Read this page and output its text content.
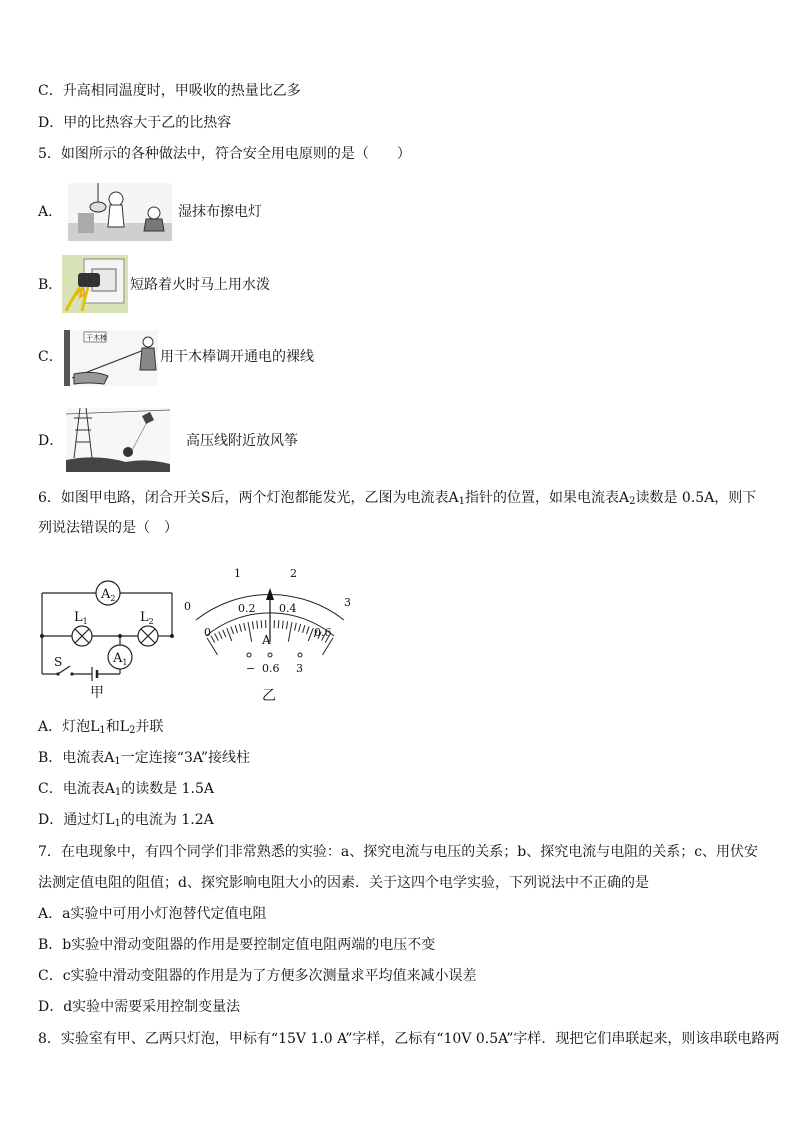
C．升高相同温度时，甲吸收的热量比乙多
D．甲的比热容大于乙的比热容
5．如图所示的各种做法中，符合安全用电原则的是（　　）
A．	湿抹布擦电灯
B．	短路着火时马上用水泼
C．
干木棒
用干木棒调开通电的裸线
D．	高压线附近放风筝
6．如图甲电路，闭合开关S后，两个灯泡都能发光，乙图为电流表$A_1$指针的位置，如果电流表$A_2$读数是 0.5A，则下
列说法错误的是（　）
$A_2$
$A_1$
$L_1$	$L_2$
S
甲
0
1	2
3
0
0.2 0.4
0.6
A
− 0.6 3
乙
A．灯泡$L_1$和$L_2$并联
B．电流表$A_1$一定连接“3A”接线柱
C．电流表$A_1$的读数是 1.5A
D．通过灯$L_1$的电流为 1.2A
7．在电现象中，有四个同学们非常熟悉的实验：a、探究电流与电压的关系；b、探究电流与电阻的关系；c、用伏安
法测定值电阻的阻值；d、探究影响电阻大小的因素．关于这四个电学实验，下列说法中不正确的是
A．a实验中可用小灯泡替代定值电阻
B．b实验中滑动变阻器的作用是要控制定值电阻两端的电压不变
C．c实验中滑动变阻器的作用是为了方便多次测量求平均值来减小误差
D．d实验中需要采用控制变量法
8．实验室有甲、乙两只灯泡，甲标有“15V 1.0 A”字样，乙标有“10V 0.5A”字样．现把它们串联起来，则该串联电路两
